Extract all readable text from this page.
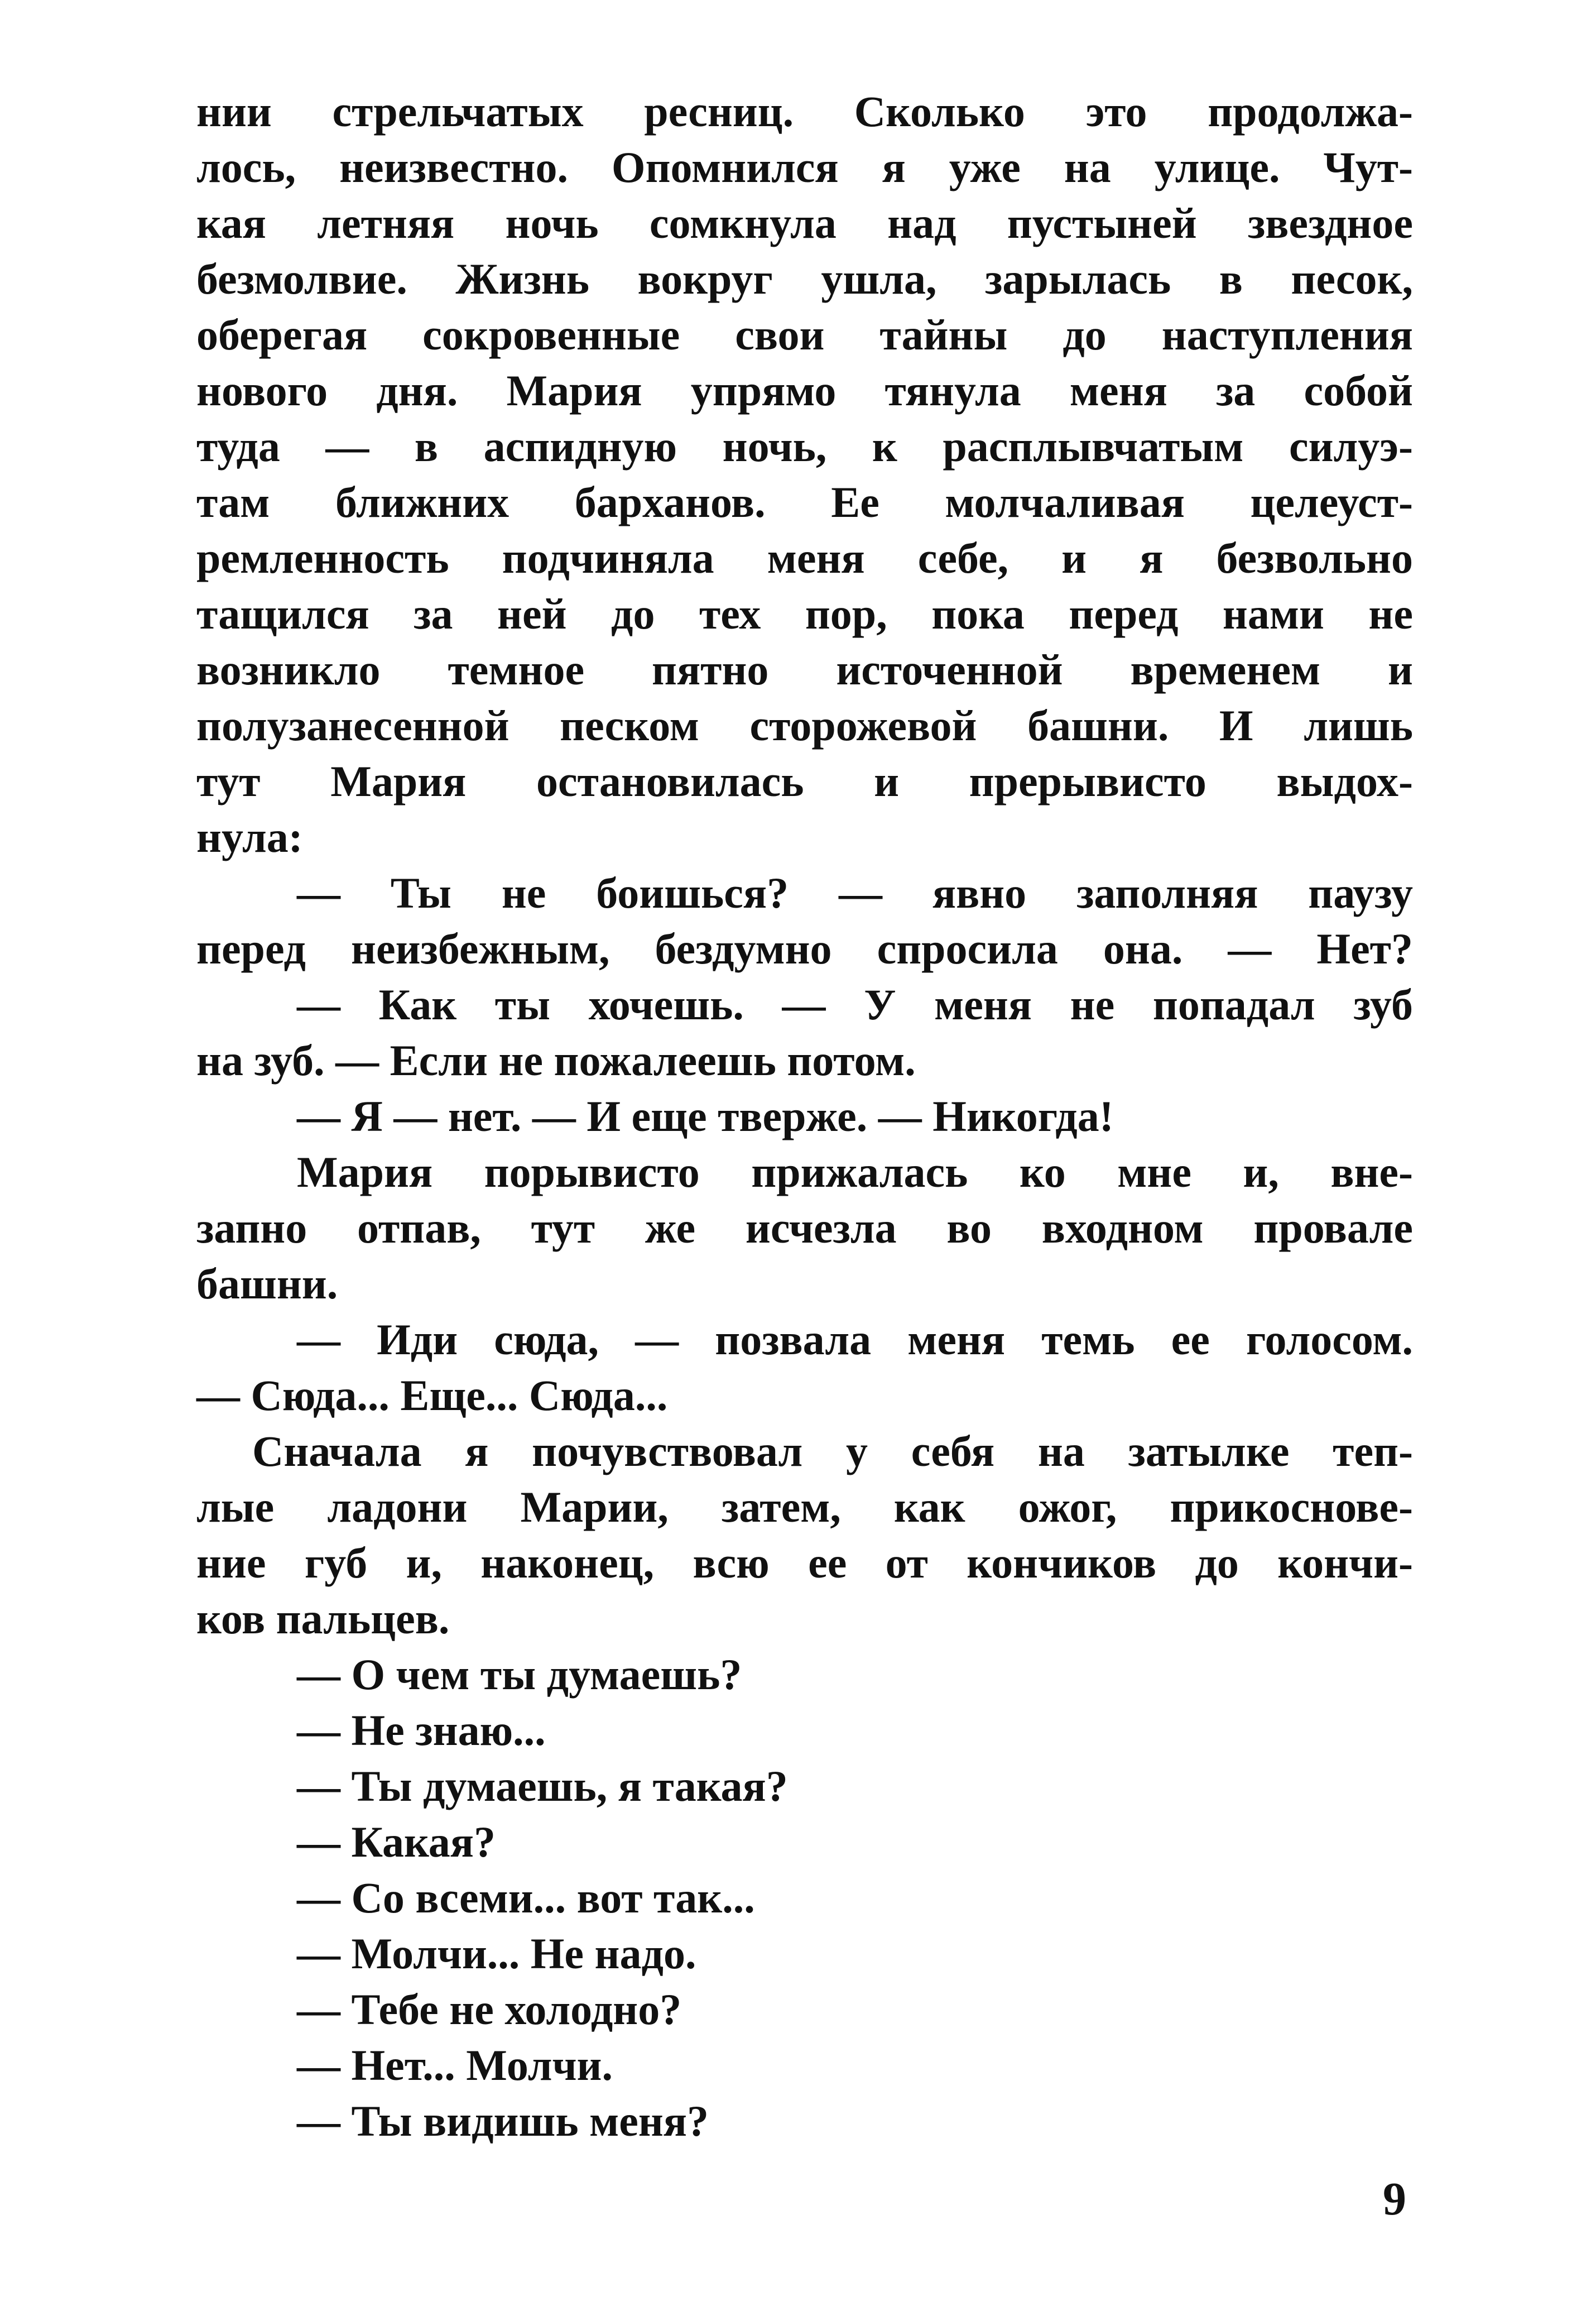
нии стрельчатых ресниц. Сколько это продолжа-
лось, неизвестно. Опомнился я уже на улице. Чут-
кая летняя ночь сомкнула над пустыней звездное
безмолвие. Жизнь вокруг ушла, зарылась в песок,
оберегая сокровенные свои тайны до наступления
нового дня. Мария упрямо тянула меня за собой
туда — в аспидную ночь, к расплывчатым силуэ-
там ближних барханов. Ее молчаливая целеуст-
ремленность подчиняла меня себе, и я безвольно
тащился за ней до тех пор, пока перед нами не
возникло темное пятно источенной временем и
полузанесенной песком сторожевой башни. И лишь
тут Мария остановилась и прерывисто выдох-
нула:
— Ты не боишься? — явно заполняя паузу
перед неизбежным, бездумно спросила она. — Нет?
— Как ты хочешь. — У меня не попадал зуб
на зуб. — Если не пожалеешь потом.
— Я — нет. — И еще тверже. — Никогда!
Мария порывисто прижалась ко мне и, вне-
запно отпав, тут же исчезла во входном провале
башни.
— Иди сюда, — позвала меня темь ее голосом.
— Сюда... Еще... Сюда...
Сначала я почувствовал у себя на затылке теп-
лые ладони Марии, затем, как ожог, прикоснове-
ние губ и, наконец, всю ее от кончиков до кончи-
ков пальцев.
— О чем ты думаешь?
— Не знаю...
— Ты думаешь, я такая?
— Какая?
— Со всеми... вот так...
— Молчи... Не надо.
— Тебе не холодно?
— Нет... Молчи.
— Ты видишь меня?
9
